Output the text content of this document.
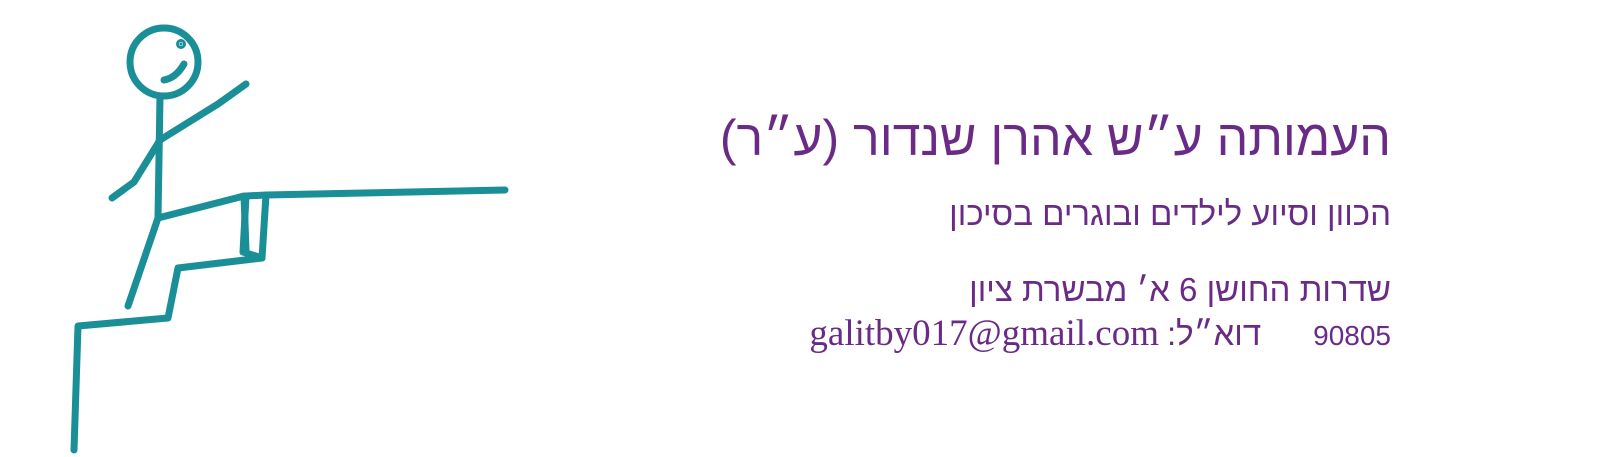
העמותה ע״ש אהרן שנדור (ע״ר)
הכוון וסיוע לילדים ובוגרים בסיכון
שדרות החושן 6 א׳ מבשרת ציון
90805
דוא״ל:
galitby017@gmail.com
